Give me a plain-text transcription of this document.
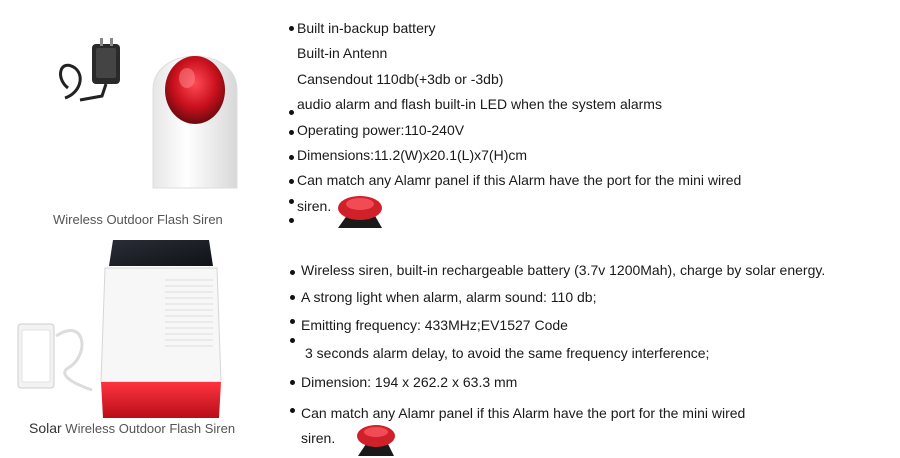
Wireless Outdoor Flash Siren
Built in-backup battery
Built-in Antenn
Cansendout 110db(+3db or -3db)
audio alarm and flash built-in LED when the system alarms
Operating power:110-240V
Dimensions:11.2(W)x20.1(L)x7(H)cm
Can match any Alamr panel if this Alarm have the port for the mini wired
siren.
Solar Wireless Outdoor Flash Siren
Wireless siren, built-in rechargeable battery (3.7v 1200Mah), charge by solar energy.
A strong light when alarm, alarm sound: 110 db;
Emitting frequency: 433MHz;EV1527 Code
3 seconds alarm delay, to avoid the same frequency interference;
Dimension: 194 x 262.2 x 63.3 mm
Can match any Alamr panel if this Alarm have the port for the mini wired
siren.
